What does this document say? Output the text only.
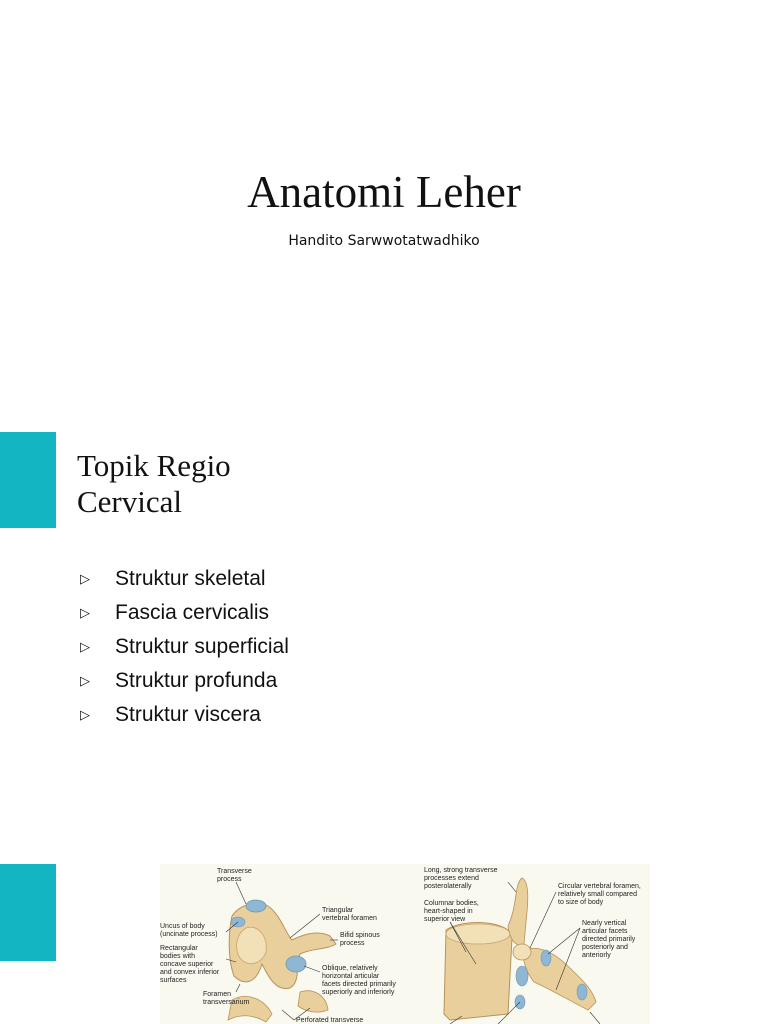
Anatomi Leher
Handito Sarwwotatwadhiko
Topik Regio
Cervical
▷	Struktur skeletal
▷	Fascia cervicalis
▷	Struktur superficial
▷	Struktur profunda
▷	Struktur viscera
Transverse
process
Triangular
vertebral foramen
Uncus of body
(uncinate process)	Bifid spinous
process
Rectangular
bodies with
concave superior
and convex inferior
surfaces
Oblique, relatively
horizontal articular
facets directed primarily
superiorly and inferiorly
Foramen
transversarium
Perforated transverse
Long, strong transverse
processes extend
posterolaterally	Circular vertebral foramen,
relatively small compared
to size of body
Columnar bodies,
heart-shaped in
superior view
Nearly vertical
articular facets
directed primarily
posteriorly and
anteriorly
